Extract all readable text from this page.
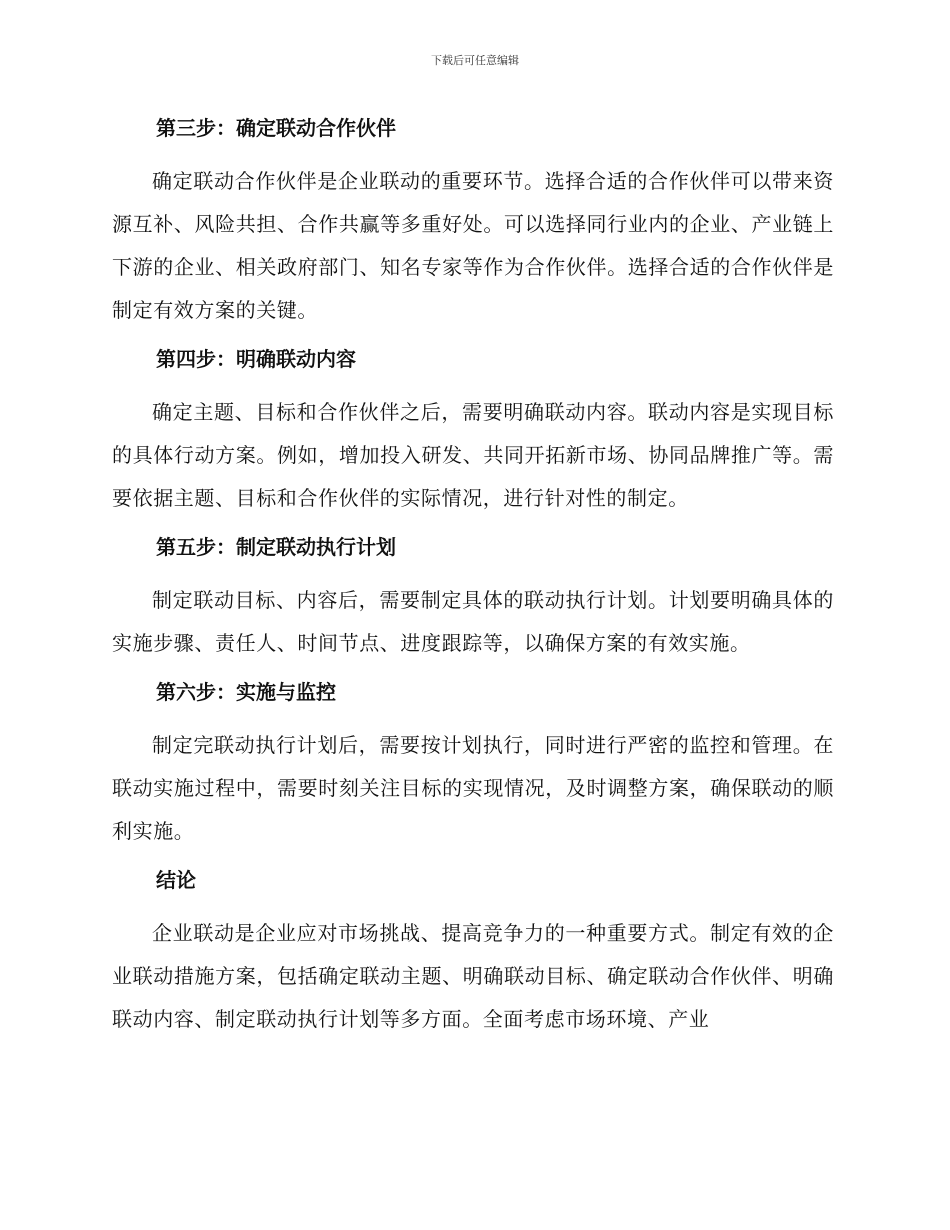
下载后可任意编辑
第三步：确定联动合作伙伴

确定联动合作伙伴是企业联动的重要环节。选择合适的合作伙伴可以带来资源互补、风险共担、合作共赢等多重好处。可以选择同行业内的企业、产业链上下游的企业、相关政府部门、知名专家等作为合作伙伴。选择合适的合作伙伴是制定有效方案的关键。

第四步：明确联动内容

确定主题、目标和合作伙伴之后，需要明确联动内容。联动内容是实现目标的具体行动方案。例如，增加投入研发、共同开拓新市场、协同品牌推广等。需要依据主题、目标和合作伙伴的实际情况，进行针对性的制定。

第五步：制定联动执行计划

制定联动目标、内容后，需要制定具体的联动执行计划。计划要明确具体的实施步骤、责任人、时间节点、进度跟踪等，以确保方案的有效实施。

第六步：实施与监控

制定完联动执行计划后，需要按计划执行，同时进行严密的监控和管理。在联动实施过程中，需要时刻关注目标的实现情况，及时调整方案，确保联动的顺利实施。

结论

企业联动是企业应对市场挑战、提高竞争力的一种重要方式。制定有效的企业联动措施方案，包括确定联动主题、明确联动目标、确定联动合作伙伴、明确联动内容、制定联动执行计划等多方面。全面考虑市场环境、产业
